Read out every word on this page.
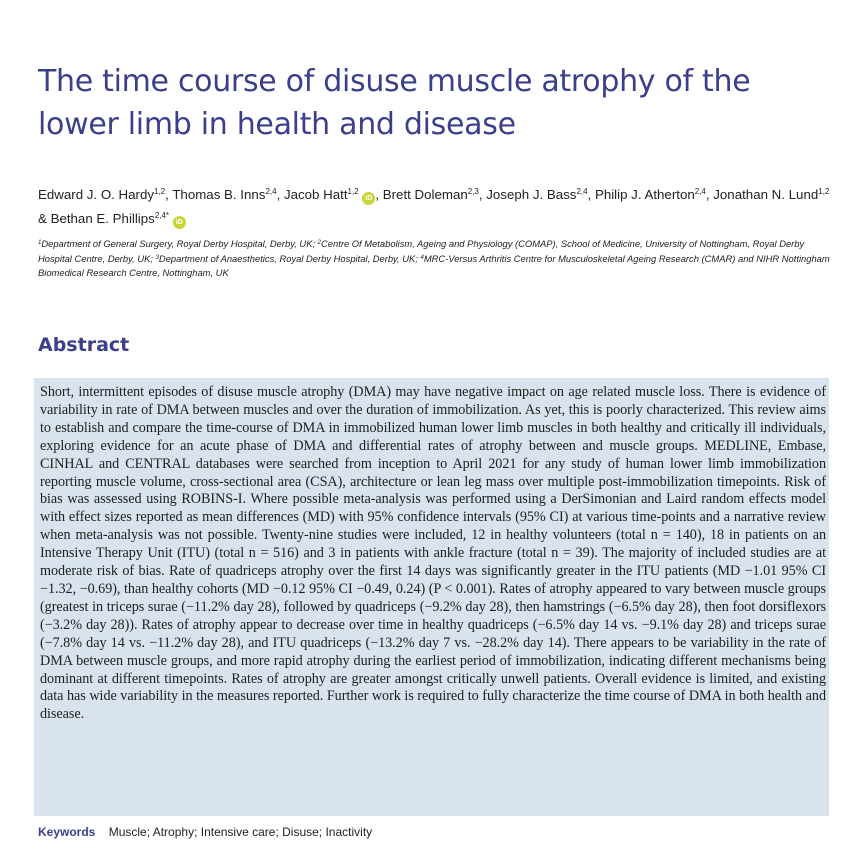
The time course of disuse muscle atrophy of the lower limb in health and disease
Edward J. O. Hardy$^{1,2}$, Thomas B. Inns$^{2,4}$, Jacob Hatt$^{1,2}$ iD , Brett Doleman$^{2,3}$, Joseph J. Bass$^{2,4}$, Philip J. Atherton$^{2,4}$, Jonathan N. Lund$^{1,2}$ & Bethan E. Phillips$^{2,4*}$ iD
$^1$Department of General Surgery, Royal Derby Hospital, Derby, UK; $^2$Centre Of Metabolism, Ageing and Physiology (COMAP), School of Medicine, University of Nottingham, Royal Derby Hospital Centre, Derby, UK; $^3$Department of Anaesthetics, Royal Derby Hospital, Derby, UK; $^4$MRC-Versus Arthritis Centre for Musculoskeletal Ageing Research (CMAR) and NIHR Nottingham Biomedical Research Centre, Nottingham, UK
Abstract
Short, intermittent episodes of disuse muscle atrophy (DMA) may have negative impact on age related muscle loss. There is evidence of variability in rate of DMA between muscles and over the duration of immobilization. As yet, this is poorly characterized. This review aims to establish and compare the time-course of DMA in immobilized human lower limb muscles in both healthy and critically ill individuals, exploring evidence for an acute phase of DMA and differential rates of atrophy between and muscle groups. MEDLINE, Embase, CINHAL and CENTRAL databases were searched from inception to April 2021 for any study of human lower limb immobilization reporting muscle volume, cross-sectional area (CSA), architecture or lean leg mass over multiple post-immobilization timepoints. Risk of bias was assessed using ROBINS-I. Where possible meta-analysis was performed using a DerSimonian and Laird random effects model with effect sizes reported as mean differences (MD) with 95% confidence intervals (95% CI) at various time-points and a narrative review when meta-analysis was not possible. Twenty-nine studies were included, 12 in healthy volunteers (total n = 140), 18 in patients on an Intensive Therapy Unit (ITU) (total n = 516) and 3 in patients with ankle fracture (total n = 39). The majority of included studies are at moderate risk of bias. Rate of quadriceps atrophy over the first 14 days was significantly greater in the ITU patients (MD −1.01 95% CI −1.32, −0.69), than healthy cohorts (MD −0.12 95% CI −0.49, 0.24) (P < 0.001). Rates of atrophy appeared to vary between muscle groups (greatest in triceps surae (−11.2% day 28), followed by quadriceps (−9.2% day 28), then hamstrings (−6.5% day 28), then foot dorsiflexors (−3.2% day 28)). Rates of atrophy appear to decrease over time in healthy quadriceps (−6.5% day 14 vs. −9.1% day 28) and triceps surae (−7.8% day 14 vs. −11.2% day 28), and ITU quadriceps (−13.2% day 7 vs. −28.2% day 14). There appears to be variability in the rate of DMA between muscle groups, and more rapid atrophy during the earliest period of immobilization, indicating different mechanisms being dominant at different timepoints. Rates of atrophy are greater amongst critically unwell patients. Overall evidence is limited, and existing data has wide variability in the measures reported. Further work is required to fully characterize the time course of DMA in both health and disease.
Keywords Muscle; Atrophy; Intensive care; Disuse; Inactivity
